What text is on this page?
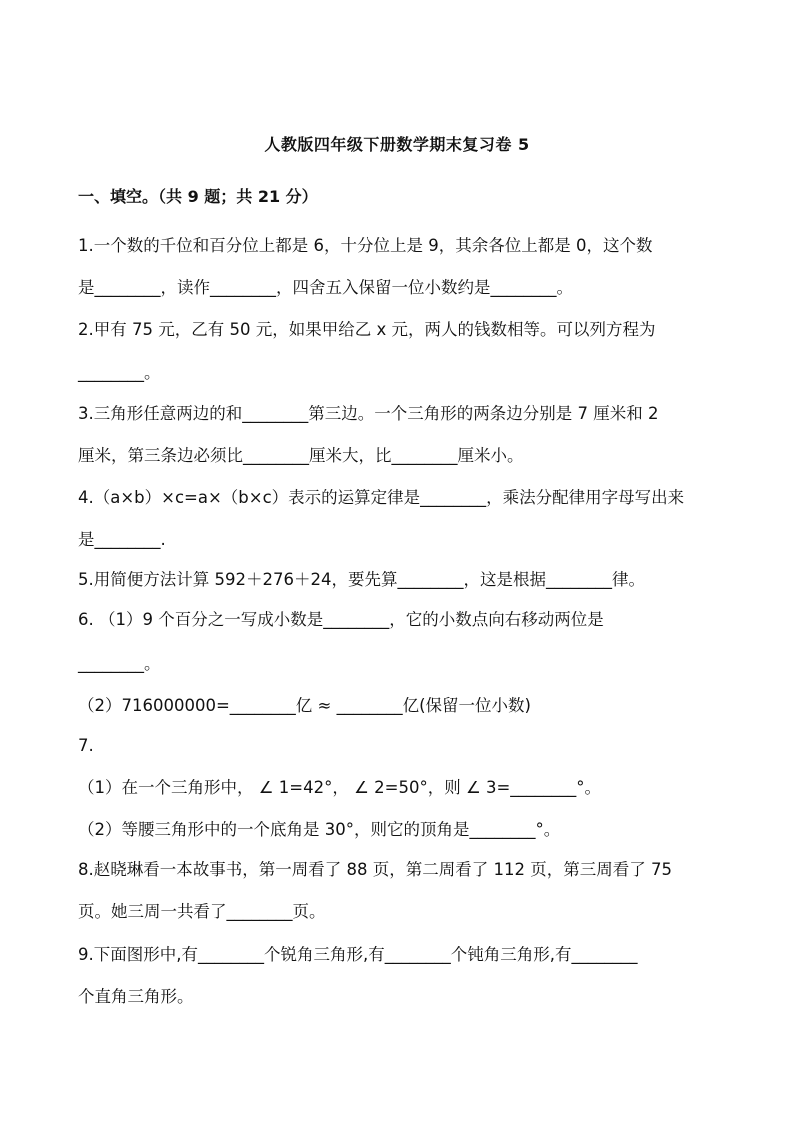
人教版四年级下册数学期末复习卷 5
一、填空。（共 9 题；共 21 分）
1.一个数的千位和百分位上都是 6，十分位上是 9，其余各位上都是 0，这个数
是________，读作________，四舍五入保留一位小数约是________。
2.甲有 75 元，乙有 50 元，如果甲给乙 x 元，两人的钱数相等。可以列方程为
________。
3.三角形任意两边的和________第三边。一个三角形的两条边分别是 7 厘米和 2
厘米，第三条边必须比________厘米大，比________厘米小。
4.（a×b）×c=a×（b×c）表示的运算定律是________，乘法分配律用字母写出来
是________.
5.用简便方法计算 592＋276＋24，要先算________，这是根据________律。
6. （1）9 个百分之一写成小数是________，它的小数点向右移动两位是
________。
（2）716000000=________亿 ≈ ________亿(保留一位小数)
7.
（1）在一个三角形中， ∠ 1=42°， ∠ 2=50°，则 ∠ 3=________°。
（2）等腰三角形中的一个底角是 30°，则它的顶角是________°。
8.赵晓琳看一本故事书，第一周看了 88 页，第二周看了 112 页，第三周看了 75
页。她三周一共看了________页。
9.下面图形中,有________个锐角三角形,有________个钝角三角形,有________
个直角三角形。
